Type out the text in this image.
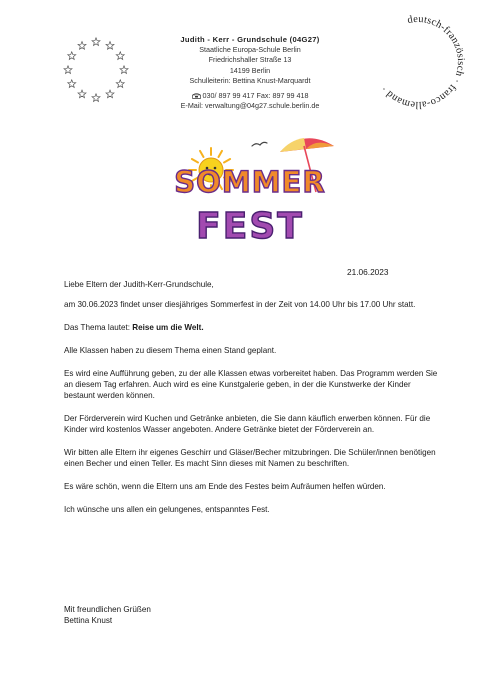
Judith - Kerr - Grundschule (04G27)
Staatliche Europa-Schule Berlin
Friedrichshaller Straße 13
14199 Berlin
Schulleiterin: Bettina Knust-Marquardt
030/ 897 99 417 Fax: 897 99 418
E-Mail: verwaltung@04g27.schule.berlin.de
deutsch-französisch · franco-allemand ·
SOMMER
FEST
21.06.2023

Liebe Eltern der Judith-Kerr-Grundschule,

am 30.06.2023 findet unser diesjähriges Sommerfest in der Zeit von 14.00 Uhr bis 17.00 Uhr statt.

Das Thema lautet: Reise um die Welt.

Alle Klassen haben zu diesem Thema einen Stand geplant.

Es wird eine Aufführung geben, zu der alle Klassen etwas vorbereitet haben. Das Programm werden Sie an diesem Tag erfahren. Auch wird es eine Kunstgalerie geben, in der die Kunstwerke der Kinder bestaunt werden können.

Der Förderverein wird Kuchen und Getränke anbieten, die Sie dann käuflich erwerben können. Für die Kinder wird kostenlos Wasser angeboten. Andere Getränke bietet der Förderverein an.

Wir bitten alle Eltern ihr eigenes Geschirr und Gläser/Becher mitzubringen. Die Schüler/innen benötigen einen Becher und einen Teller. Es macht Sinn dieses mit Namen zu beschriften.

Es wäre schön, wenn die Eltern uns am Ende des Festes beim Aufräumen helfen würden.

Ich wünsche uns allen ein gelungenes, entspanntes Fest.

Mit freundlichen Grüßen
Bettina Knust
